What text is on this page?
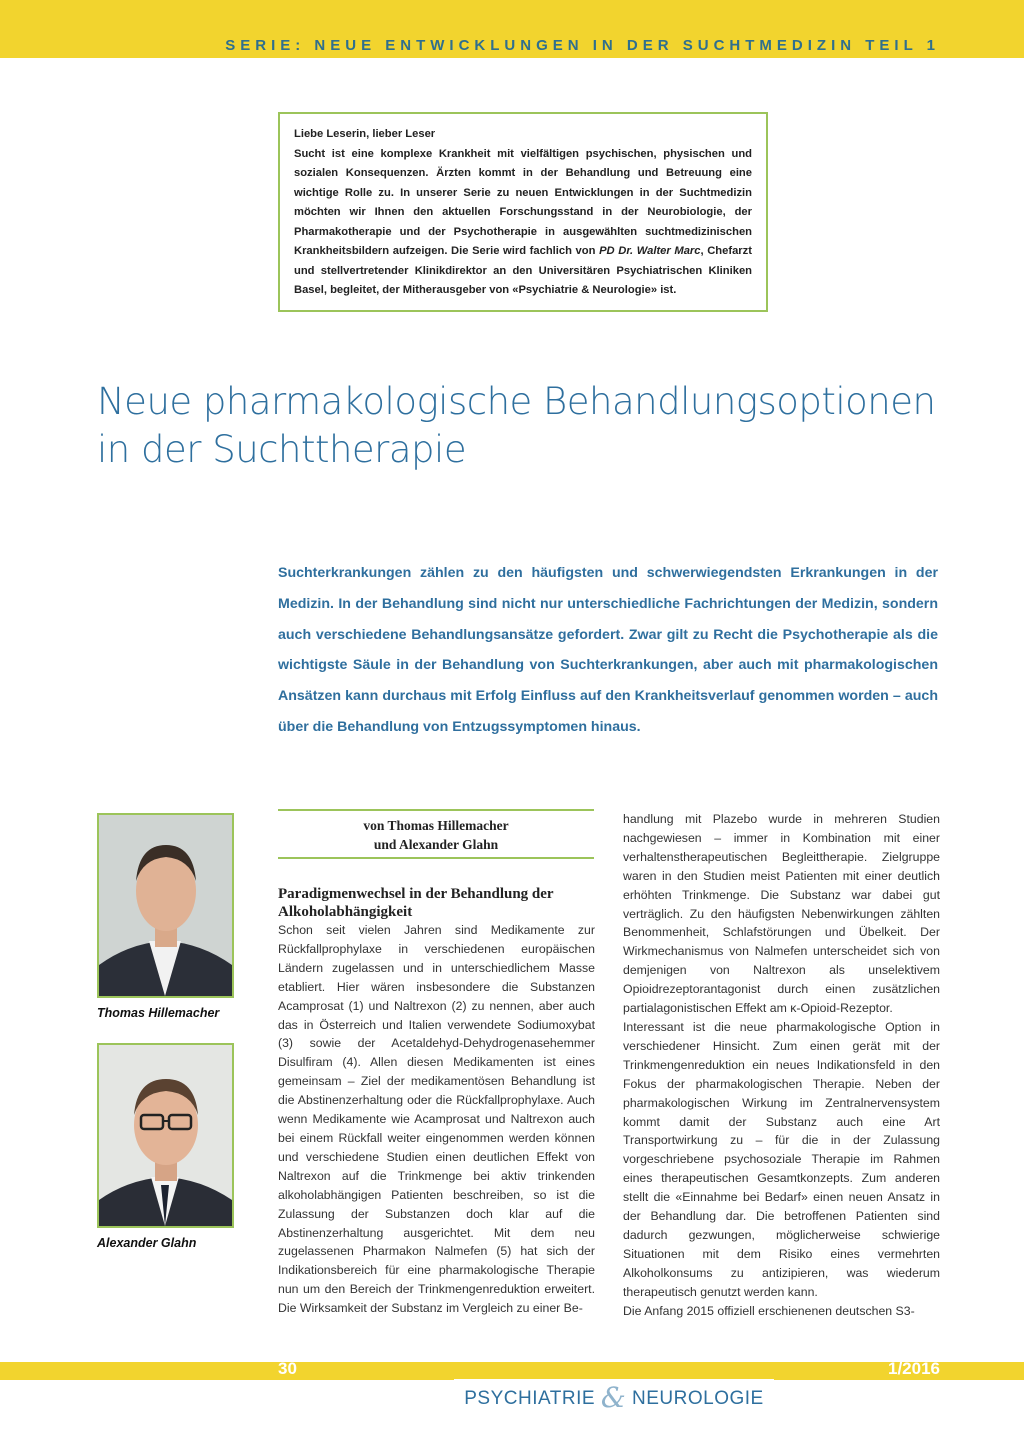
SERIE: NEUE ENTWICKLUNGEN IN DER SUCHTMEDIZIN TEIL 1

Liebe Leserin, lieber Leser

Sucht ist eine komplexe Krankheit mit vielfältigen psychischen, physischen und sozialen Konsequenzen. Ärzten kommt in der Behandlung und Betreuung eine wichtige Rolle zu. In unserer Serie zu neuen Entwicklungen in der Suchtmedizin möchten wir Ihnen den aktuellen Forschungsstand in der Neurobiologie, der Pharmakotherapie und der Psychotherapie in ausgewählten suchtmedizinischen Krankheitsbildern aufzeigen. Die Serie wird fachlich von PD Dr. Walter Marc, Chefarzt und stellvertretender Klinikdirektor an den Universitären Psychiatrischen Kliniken Basel, begleitet, der Mitherausgeber von «Psychiatrie & Neurologie» ist.

Neue pharmakologische Behandlungsoptionen
in der Suchttherapie
Suchterkrankungen zählen zu den häufigsten und schwerwiegendsten Erkrankungen in der Medizin. In der Behandlung sind nicht nur unterschiedliche Fachrichtungen der Medizin, sondern auch verschiedene Behandlungsansätze gefordert. Zwar gilt zu Recht die Psychotherapie als die wichtigste Säule in der Behandlung von Suchterkrankungen, aber auch mit pharmakologischen Ansätzen kann durchaus mit Erfolg Einfluss auf den Krankheitsverlauf genommen worden – auch über die Behandlung von Entzugssymptomen hinaus.
Thomas Hillemacher
Alexander Glahn
von Thomas Hillemacher
und Alexander Glahn
Paradigmenwechsel in der Behandlung der Alkoholabhängigkeit

Schon seit vielen Jahren sind Medikamente zur Rückfallprophylaxe in verschiedenen europäischen Ländern zugelassen und in unterschiedlichem Masse etabliert. Hier wären insbesondere die Substanzen Acamprosat (1) und Naltrexon (2) zu nennen, aber auch das in Österreich und Italien verwendete Sodiumoxybat (3) sowie der Acetaldehyd-Dehydrogenasehemmer Disulfiram (4). Allen diesen Medikamenten ist eines gemeinsam – Ziel der medikamentösen Behandlung ist die Abstinenzerhaltung oder die Rückfallprophylaxe. Auch wenn Medikamente wie Acamprosat und Naltrexon auch bei einem Rückfall weiter eingenommen werden können und verschiedene Studien einen deutlichen Effekt von Naltrexon auf die Trinkmenge bei aktiv trinkenden alkoholabhängigen Patienten beschreiben, so ist die Zulassung der Substanzen doch klar auf die Abstinenzerhaltung ausgerichtet. Mit dem neu zugelassenen Pharmakon Nalmefen (5) hat sich der Indikationsbereich für eine pharmakologische Therapie nun um den Bereich der Trinkmengenreduktion erweitert. Die Wirksamkeit der Substanz im Vergleich zu einer Be-

handlung mit Plazebo wurde in mehreren Studien nachgewiesen – immer in Kombination mit einer verhaltenstherapeutischen Begleittherapie. Zielgruppe waren in den Studien meist Patienten mit einer deutlich erhöhten Trinkmenge. Die Substanz war dabei gut verträglich. Zu den häufigsten Nebenwirkungen zählten Benommenheit, Schlafstörungen und Übelkeit. Der Wirkmechanismus von Nalmefen unterscheidet sich von demjenigen von Naltrexon als unselektivem Opioidrezeptorantagonist durch einen zusätzlichen partialagonistischen Effekt am κ-Opioid-Rezeptor.

Interessant ist die neue pharmakologische Option in verschiedener Hinsicht. Zum einen gerät mit der Trinkmengenreduktion ein neues Indikationsfeld in den Fokus der pharmakologischen Therapie. Neben der pharmakologischen Wirkung im Zentralnervensystem kommt damit der Substanz auch eine Art Transportwirkung zu – für die in der Zulassung vorgeschriebene psychosoziale Therapie im Rahmen eines therapeutischen Gesamtkonzepts. Zum anderen stellt die «Einnahme bei Bedarf» einen neuen Ansatz in der Behandlung dar. Die betroffenen Patienten sind dadurch gezwungen, möglicherweise schwierige Situationen mit dem Risiko eines vermehrten Alkoholkonsums zu antizipieren, was wiederum therapeutisch genutzt werden kann.

Die Anfang 2015 offiziell erschienenen deutschen S3-

30	1/2016
PSYCHIATRIE & NEUROLOGIE
